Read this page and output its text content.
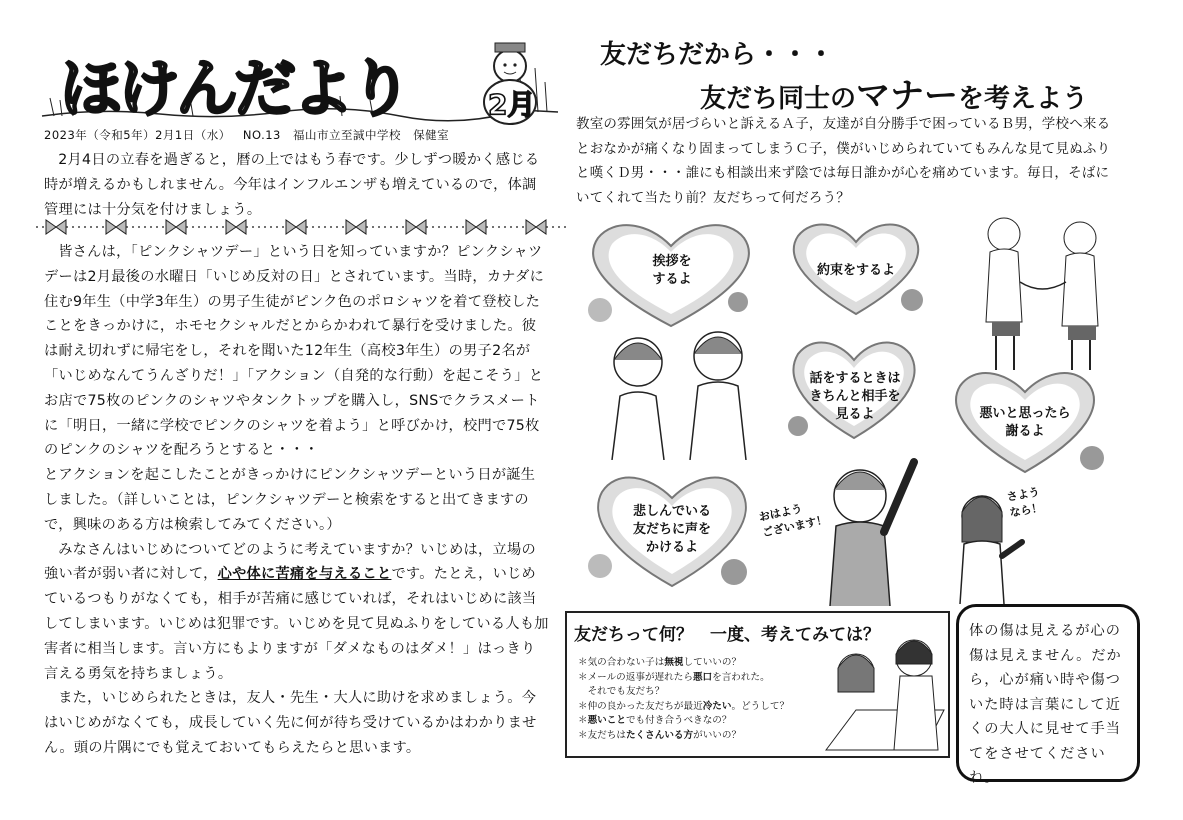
ほけんだより	2月
2023年（令和5年）2月1日（水） NO.13 福山市立至誠中学校 保健室

2月4日の立春を過ぎると，暦の上ではもう春です。少しずつ暖かく感じる時が増えるかもしれません。今年はインフルエンザも増えているので，体調管理には十分気を付けましょう。

皆さんは，「ピンクシャツデー」という日を知っていますか？ピンクシャツデーは2月最後の水曜日「いじめ反対の日」とされています。当時，カナダに住む9年生（中学3年生）の男子生徒がピンク色のポロシャツを着て登校したことをきっかけに，ホモセクシャルだとからかわれて暴行を受けました。彼は耐え切れずに帰宅をし，それを聞いた12年生（高校3年生）の男子2名が「いじめなんてうんざりだ！」「アクション（自発的な行動）を起こそう」とお店で75枚のピンクのシャツやタンクトップを購入し，SNSでクラスメートに「明日，一緒に学校でピンクのシャツを着よう」と呼びかけ，校門で75枚のピンクのシャツを配ろうとすると・・・

とアクションを起こしたことがきっかけにピンクシャツデーという日が誕生しました。（詳しいことは，ピンクシャツデーと検索をすると出てきますので，興味のある方は検索してみてください。）

みなさんはいじめについてどのように考えていますか？いじめは，立場の強い者が弱い者に対して，心や体に苦痛を与えることです。たとえ，いじめているつもりがなくても，相手が苦痛に感じていれば，それはいじめに該当してしまいます。いじめは犯罪です。いじめを見て見ぬふりをしている人も加害者に相当します。言い方にもよりますが「ダメなものはダメ！」はっきり言える勇気を持ちましょう。

また，いじめられたときは，友人・先生・大人に助けを求めましょう。今はいじめがなくても，成長していく先に何が待ち受けているかはわかりません。頭の片隅にでも覚えておいてもらえたらと思います。

友だちだから・・・
友だち同士のマナーを考えよう
教室の雰囲気が居づらいと訴えるＡ子，友達が自分勝手で困っているＢ男，学校へ来るとおなかが痛くなり固まってしまうＣ子，僕がいじめられていてもみんな見て見ぬふりと嘆くＤ男・・・誰にも相談出来ず陰では毎日誰かが心を痛めています。毎日，そばにいてくれて当たり前？友だちって何だろう？
挨拶を
するよ
約束をするよ
話をするときは
きちんと相手を
見るよ	悪いと思ったら
謝るよ
悲しんでいる
友だちに声を
かけるよ
おはよう
ございます！
さよう
なら！
友だちって何？　一度、考えてみては？
＊気の合わない子は無視していいの？
＊メールの返事が遅れたら悪口を言われた。
　それでも友だち？
＊仲の良かった友だちが最近冷たい。どうして？
＊悪いことでも付き合うべきなの？
＊友だちはたくさんいる方がいいの？
体の傷は見えるが心の傷は見えません。だから，心が痛い時や傷ついた時は言葉にして近くの大人に見せて手当てをさせてくださいね。
